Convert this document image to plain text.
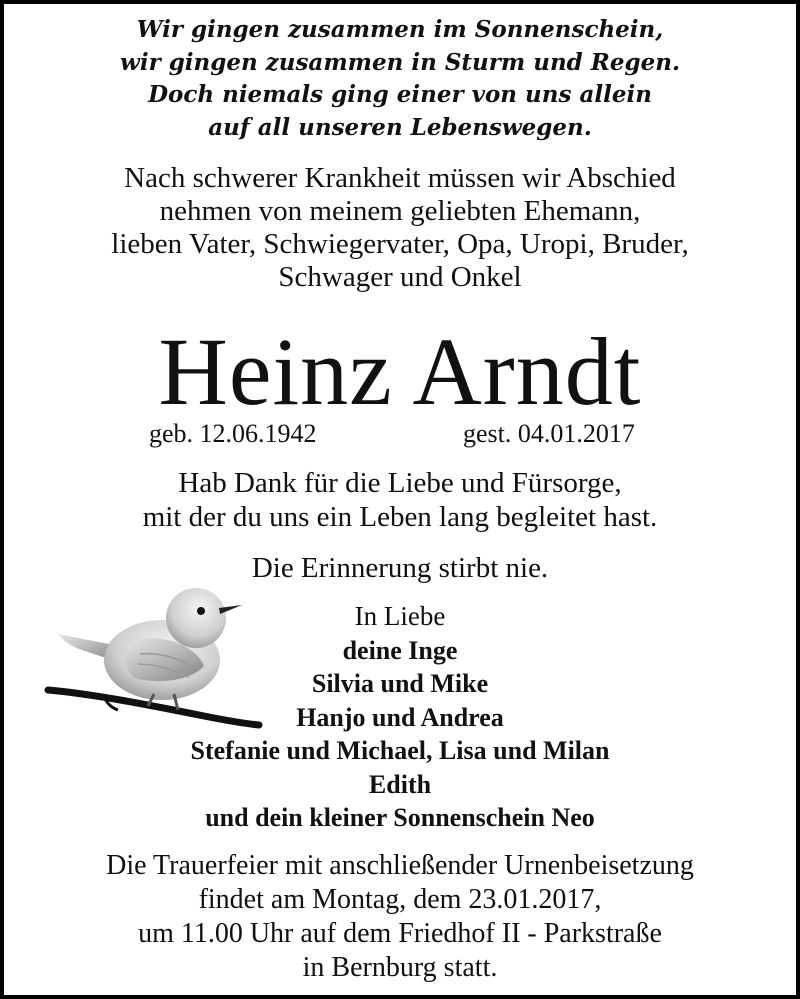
Wir gingen zusammen im Sonnenschein,
wir gingen zusammen in Sturm und Regen.
Doch niemals ging einer von uns allein
auf all unseren Lebenswegen.
Nach schwerer Krankheit müssen wir Abschied
nehmen von meinem geliebten Ehemann,
lieben Vater, Schwiegervater, Opa, Uropi, Bruder,
Schwager und Onkel
Heinz Arndt
geb. 12.06.1942	gest. 04.01.2017
Hab Dank für die Liebe und Fürsorge,
mit der du uns ein Leben lang begleitet hast.
Die Erinnerung stirbt nie.
In Liebe
deine Inge
Silvia und Mike
Hanjo und Andrea
Stefanie und Michael, Lisa und Milan
Edith
und dein kleiner Sonnenschein Neo
Die Trauerfeier mit anschließender Urnenbeisetzung
findet am Montag, dem 23.01.2017,
um 11.00 Uhr auf dem Friedhof II - Parkstraße
in Bernburg statt.
